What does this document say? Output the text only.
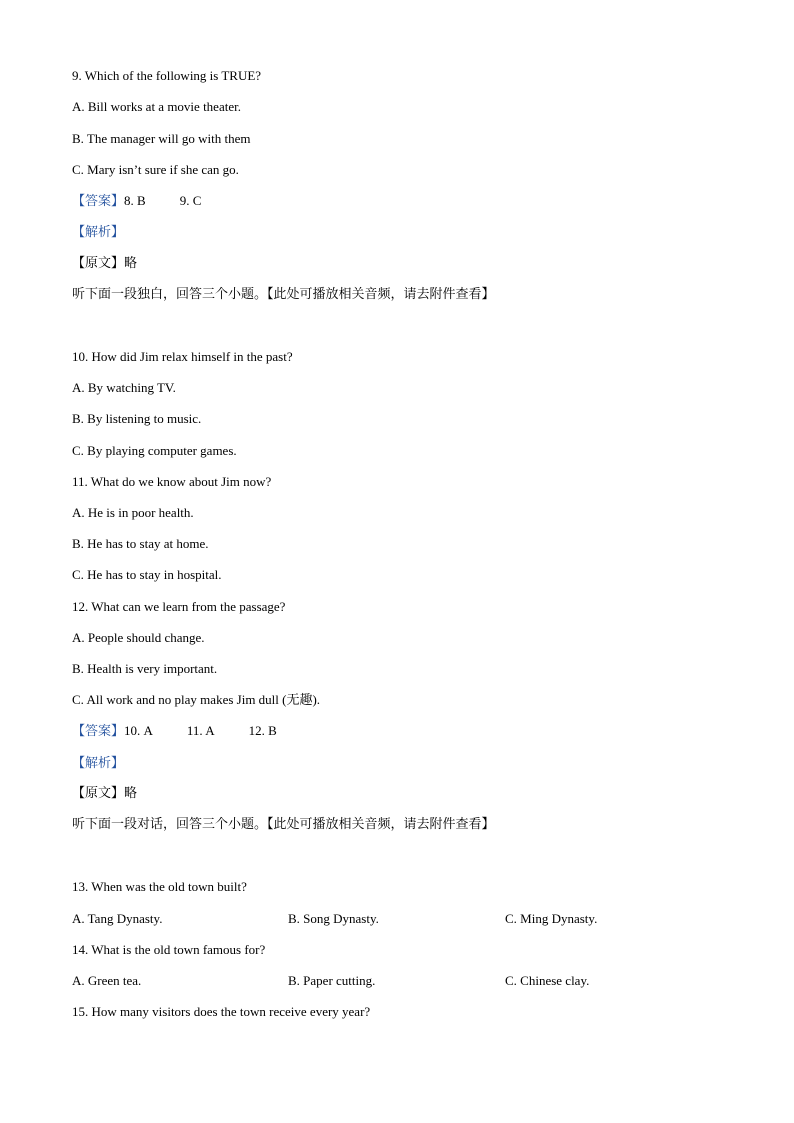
9. Which of the following is TRUE?
A. Bill works at a movie theater.
B. The manager will go with them
C. Mary isn’t sure if she can go.
【答案】8. B	9. C
【解析】
【原文】略
听下面一段独白，回答三个小题。【此处可播放相关音频，请去附件查看】
10. How did Jim relax himself in the past?
A. By watching TV.
B. By listening to music.
C. By playing computer games.
11. What do we know about Jim now?
A. He is in poor health.
B. He has to stay at home.
C. He has to stay in hospital.
12. What can we learn from the passage?
A. People should change.
B. Health is very important.
C. All work and no play makes Jim dull (无趣).
【答案】10. A	11. A	12. B
【解析】
【原文】略
听下面一段对话，回答三个小题。【此处可播放相关音频，请去附件查看】
13. When was the old town built?
A. Tang Dynasty.	B. Song Dynasty.	C. Ming Dynasty.
14. What is the old town famous for?
A. Green tea.	B. Paper cutting.	C. Chinese clay.
15. How many visitors does the town receive every year?
